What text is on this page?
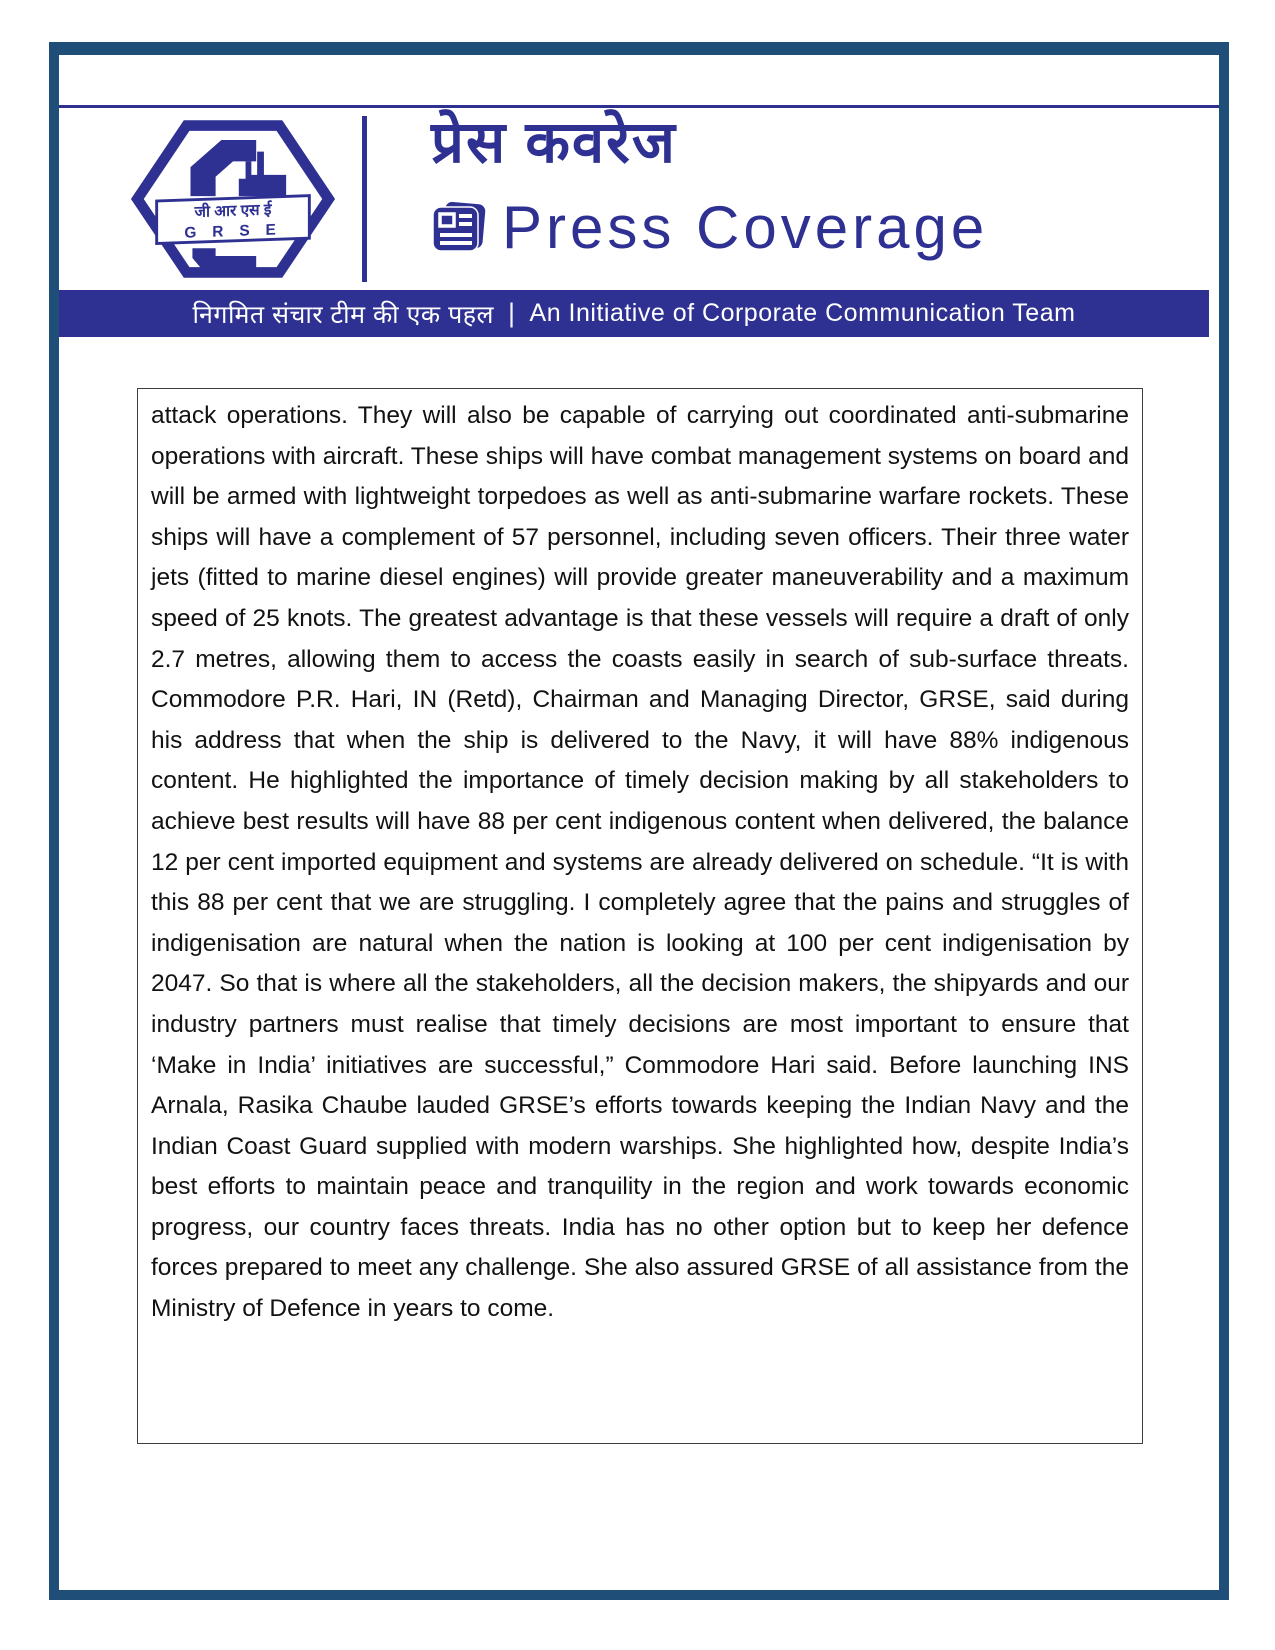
जी आर एस ई
G R S E
प्रेस कवरेज
Press Coverage
निगमित संचार टीम की एक पहल | An Initiative of Corporate Communication Team

attack operations. They will also be capable of carrying out coordinated anti-submarine operations with aircraft. These ships will have combat management systems on board and will be armed with lightweight torpedoes as well as anti-submarine warfare rockets. These ships will have a complement of 57 personnel, including seven officers. Their three water jets (fitted to marine diesel engines) will provide greater maneuverability and a maximum speed of 25 knots. The greatest advantage is that these vessels will require a draft of only 2.7 metres, allowing them to access the coasts easily in search of sub-surface threats. Commodore P.R. Hari, IN (Retd), Chairman and Managing Director, GRSE, said during his address that when the ship is delivered to the Navy, it will have 88% indigenous content. He highlighted the importance of timely decision making by all stakeholders to achieve best results will have 88 per cent indigenous content when delivered, the balance 12 per cent imported equipment and systems are already delivered on schedule. “It is with this 88 per cent that we are struggling. I completely agree that the pains and struggles of indigenisation are natural when the nation is looking at 100 per cent indigenisation by 2047. So that is where all the stakeholders, all the decision makers, the shipyards and our industry partners must realise that timely decisions are most important to ensure that ‘Make in India’ initiatives are successful,” Commodore Hari said. Before launching INS Arnala, Rasika Chaube lauded GRSE’s efforts towards keeping the Indian Navy and the Indian Coast Guard supplied with modern warships. She highlighted how, despite India’s best efforts to maintain peace and tranquility in the region and work towards economic progress, our country faces threats. India has no other option but to keep her defence forces prepared to meet any challenge. She also assured GRSE of all assistance from the Ministry of Defence in years to come.
